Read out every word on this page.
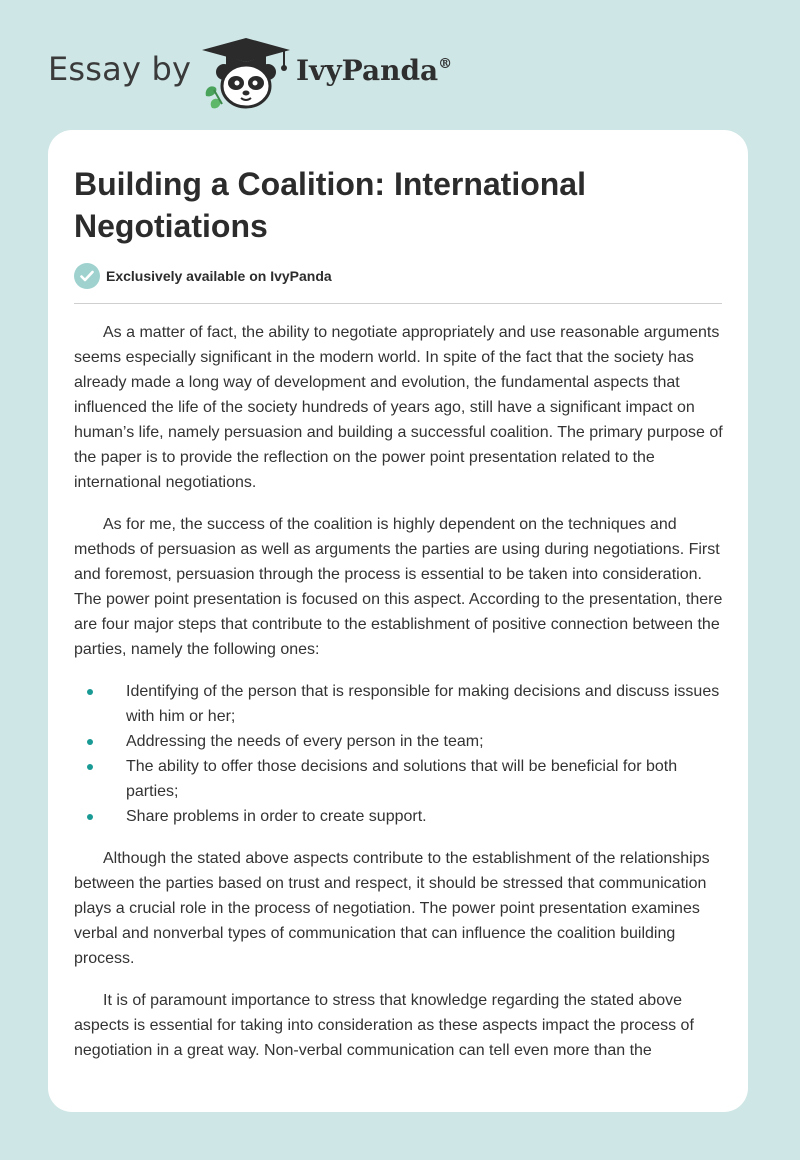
Essay by	IvyPanda®
Building a Coalition: International Negotiations
Exclusively available on IvyPanda

As a matter of fact, the ability to negotiate appropriately and use reasonable arguments seems especially significant in the modern world. In spite of the fact that the society has already made a long way of development and evolution, the fundamental aspects that influenced the life of the society hundreds of years ago, still have a significant impact on human’s life, namely persuasion and building a successful coalition. The primary purpose of the paper is to provide the reflection on the power point presentation related to the international negotiations.

As for me, the success of the coalition is highly dependent on the techniques and methods of persuasion as well as arguments the parties are using during negotiations. First and foremost, persuasion through the process is essential to be taken into consideration. The power point presentation is focused on this aspect. According to the presentation, there are four major steps that contribute to the establishment of positive connection between the parties, namely the following ones:

Identifying of the person that is responsible for making decisions and discuss issues with him or her;
Addressing the needs of every person in the team;
The ability to offer those decisions and solutions that will be beneficial for both parties;
Share problems in order to create support.

Although the stated above aspects contribute to the establishment of the relationships between the parties based on trust and respect, it should be stressed that communication plays a crucial role in the process of negotiation. The power point presentation examines verbal and nonverbal types of communication that can influence the coalition building process.

It is of paramount importance to stress that knowledge regarding the stated above aspects is essential for taking into consideration as these aspects impact the process of negotiation in a great way. Non-verbal communication can tell even more than the
